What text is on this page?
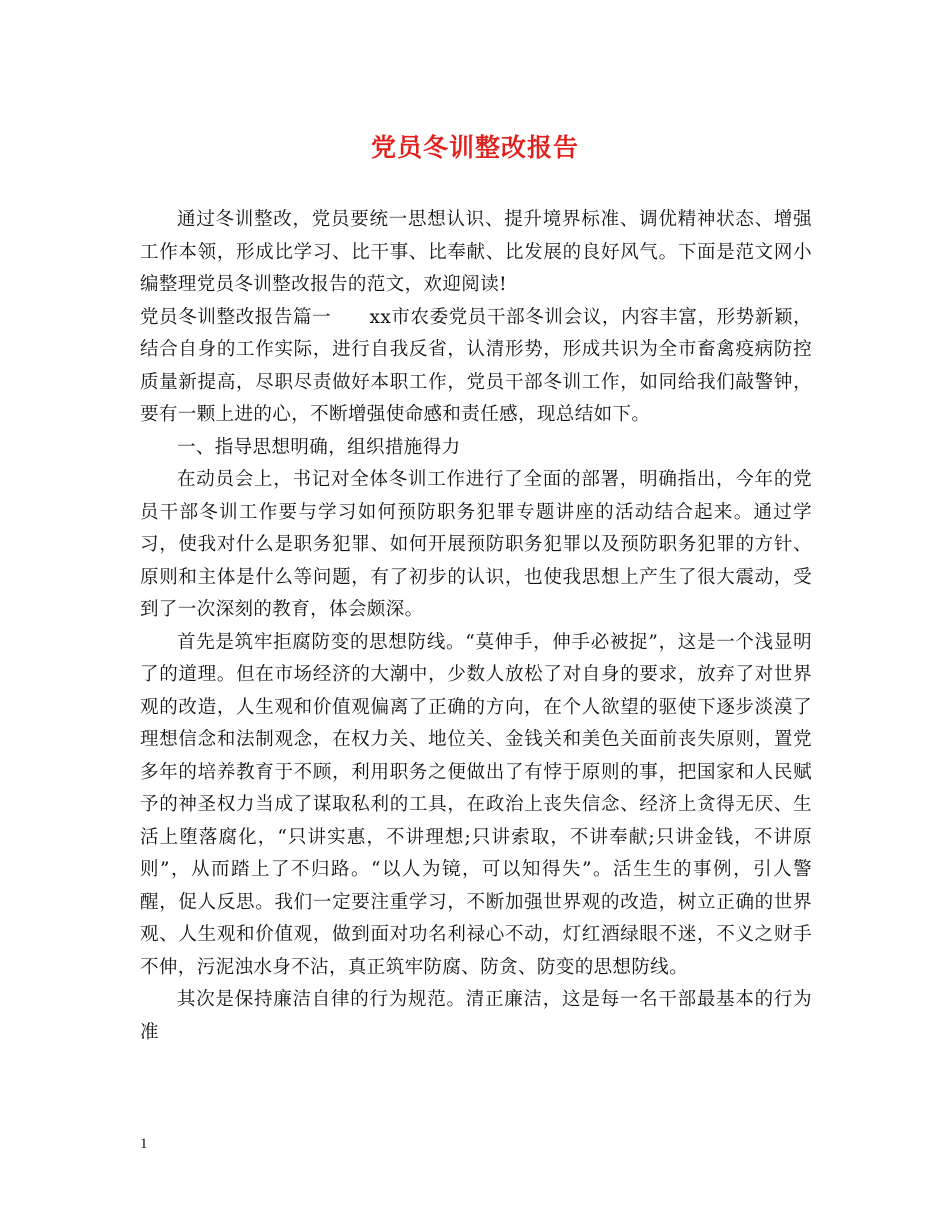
党员冬训整改报告

通过冬训整改，党员要统一思想认识、提升境界标准、调优精神状态、增强工作本领，形成比学习、比干事、比奉献、比发展的良好风气。下面是范文网小编整理党员冬训整改报告的范文，欢迎阅读!

党员冬训整改报告篇一　　xx市农委党员干部冬训会议，内容丰富，形势新颖，结合自身的工作实际，进行自我反省，认清形势，形成共识为全市畜禽疫病防控质量新提高，尽职尽责做好本职工作，党员干部冬训工作，如同给我们敲警钟，要有一颗上进的心，不断增强使命感和责任感，现总结如下。

一、指导思想明确，组织措施得力

在动员会上，书记对全体冬训工作进行了全面的部署，明确指出，今年的党员干部冬训工作要与学习如何预防职务犯罪专题讲座的活动结合起来。通过学习，使我对什么是职务犯罪、如何开展预防职务犯罪以及预防职务犯罪的方针、原则和主体是什么等问题，有了初步的认识，也使我思想上产生了很大震动，受到了一次深刻的教育，体会颇深。

首先是筑牢拒腐防变的思想防线。“莫伸手，伸手必被捉”，这是一个浅显明了的道理。但在市场经济的大潮中，少数人放松了对自身的要求，放弃了对世界观的改造，人生观和价值观偏离了正确的方向，在个人欲望的驱使下逐步淡漠了理想信念和法制观念，在权力关、地位关、金钱关和美色关面前丧失原则，置党多年的培养教育于不顾，利用职务之便做出了有悖于原则的事，把国家和人民赋予的神圣权力当成了谋取私利的工具，在政治上丧失信念、经济上贪得无厌、生活上堕落腐化，“只讲实惠，不讲理想;只讲索取，不讲奉献;只讲金钱，不讲原则”，从而踏上了不归路。“以人为镜，可以知得失”。活生生的事例，引人警醒，促人反思。我们一定要注重学习，不断加强世界观的改造，树立正确的世界观、人生观和价值观，做到面对功名利禄心不动，灯红酒绿眼不迷，不义之财手不伸，污泥浊水身不沾，真正筑牢防腐、防贪、防变的思想防线。

其次是保持廉洁自律的行为规范。清正廉洁，这是每一名干部最基本的行为准

1
